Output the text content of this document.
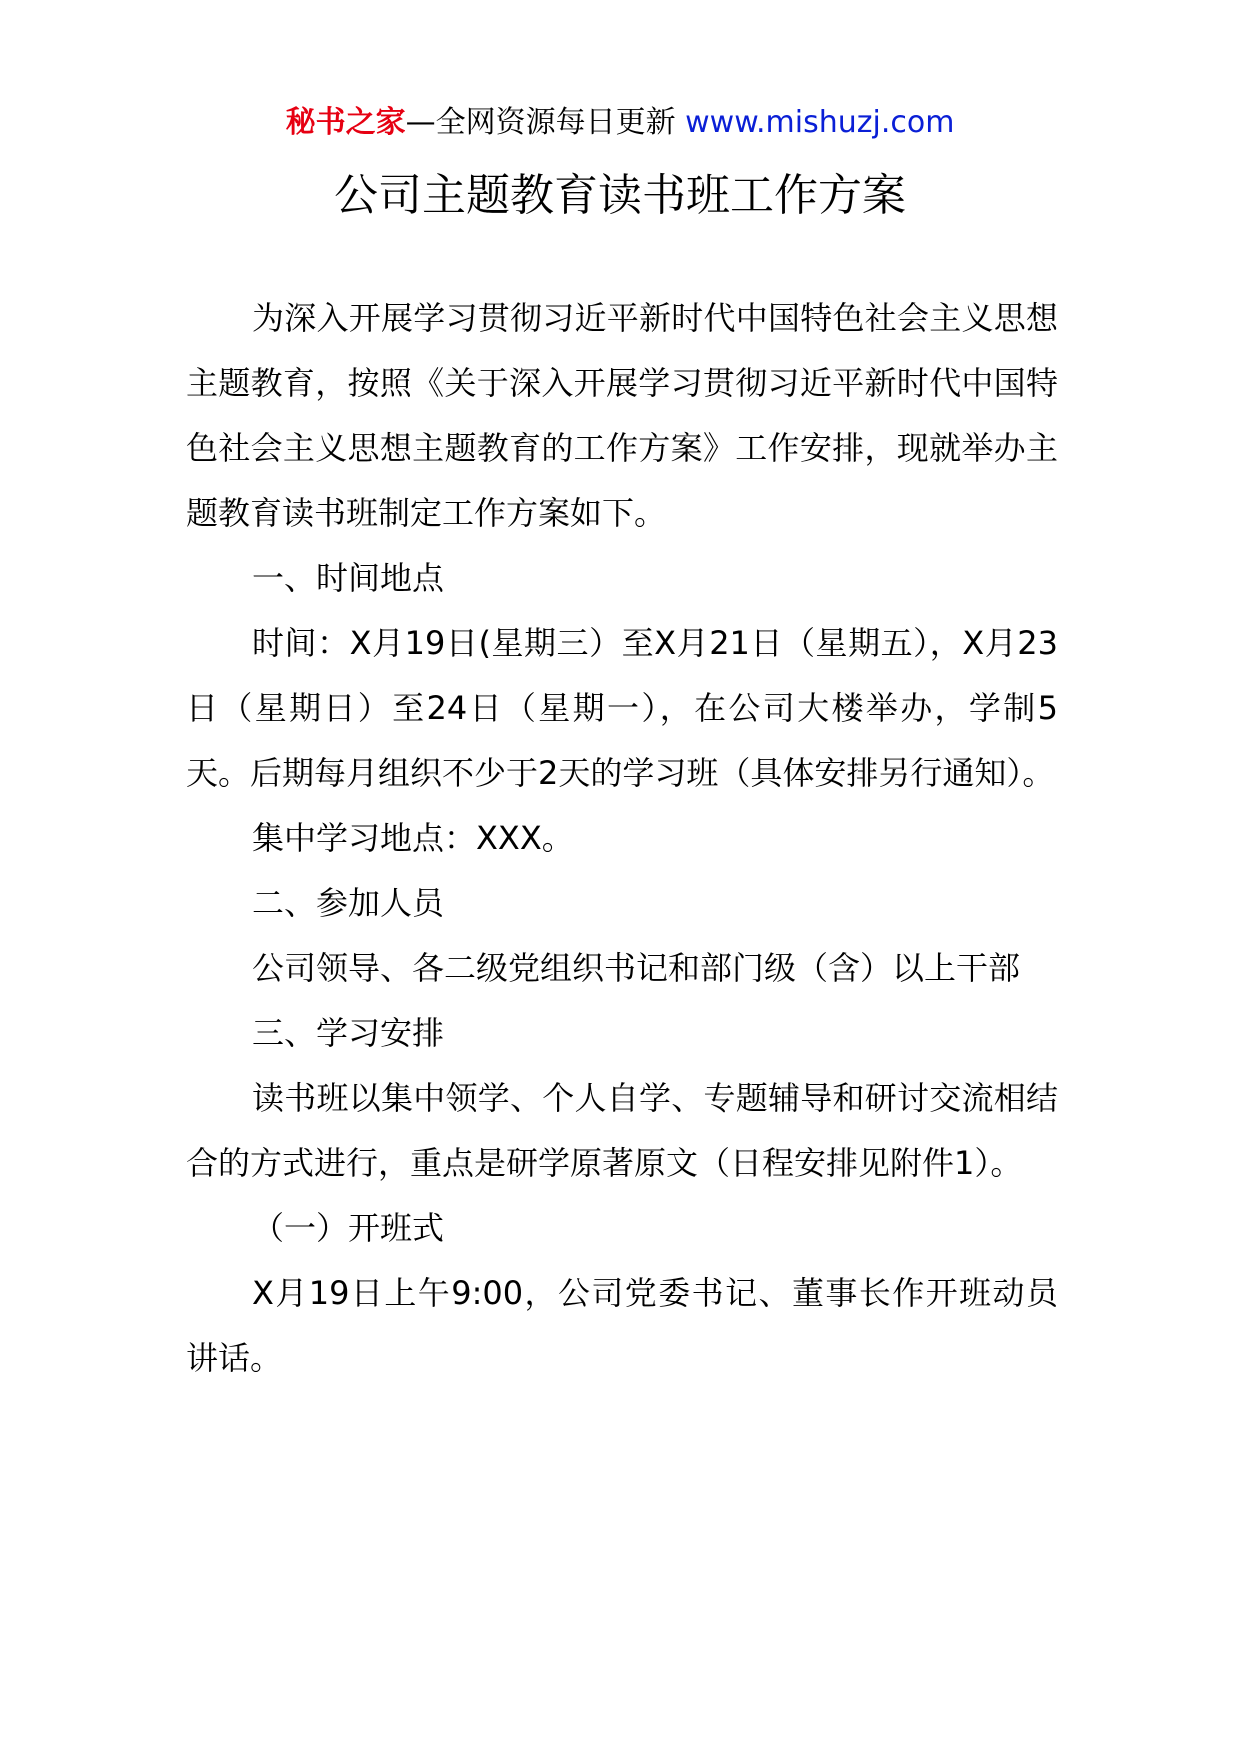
秘书之家—全网资源每日更新 www.mishuzj.com
公司主题教育读书班工作方案

为深入开展学习贯彻习近平新时代中国特色社会主义思想主题教育，按照《关于深入开展学习贯彻习近平新时代中国特色社会主义思想主题教育的工作方案》工作安排，现就举办主题教育读书班制定工作方案如下。

一、时间地点

时间：X月19日(星期三）至X月21日（星期五），X月23日（星期日）至24日（星期一），在公司大楼举办，学制5天。后期每月组织不少于2天的学习班（具体安排另行通知）。

集中学习地点：XXX。

二、参加人员

公司领导、各二级党组织书记和部门级（含）以上干部

三、学习安排

读书班以集中领学、个人自学、专题辅导和研讨交流相结合的方式进行，重点是研学原著原文（日程安排见附件1）。

（一）开班式

X月19日上午9:00，公司党委书记、董事长作开班动员讲话。
